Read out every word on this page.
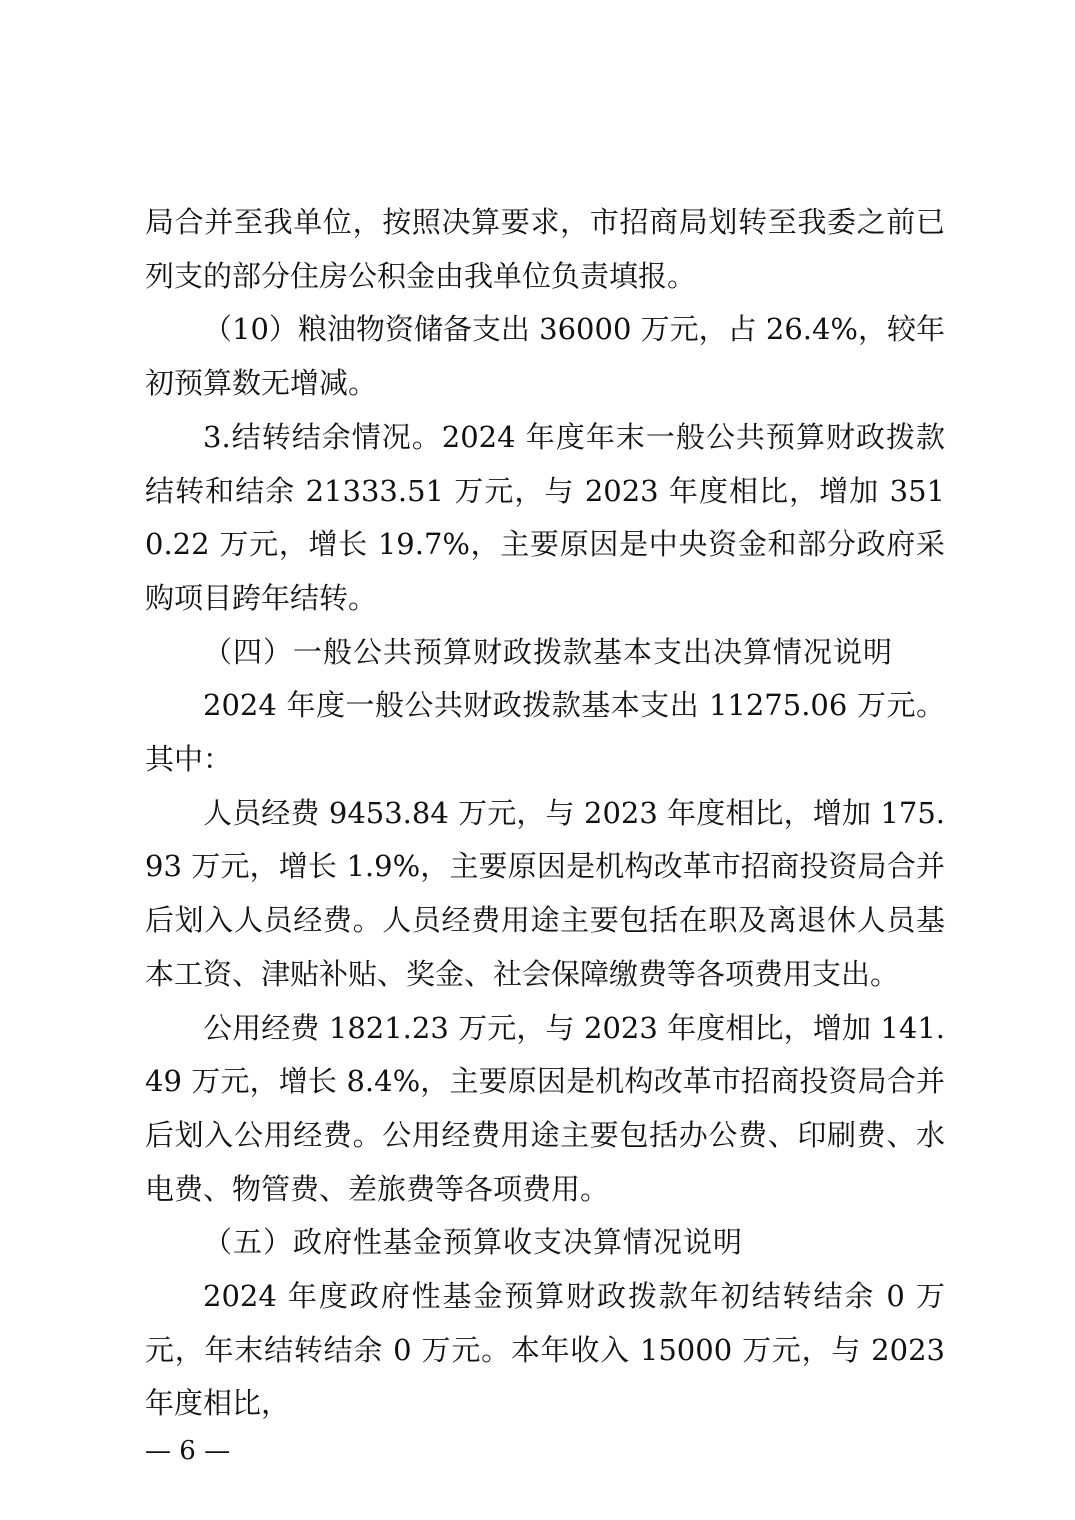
局合并至我单位，按照决算要求，市招商局划转至我委之前已列支的部分住房公积金由我单位负责填报。

（10）粮油物资储备支出 36000 万元，占 26.4%，较年初预算数无增减。

3.结转结余情况。2024 年度年末一般公共预算财政拨款结转和结余 21333.51 万元，与 2023 年度相比，增加 3510.22 万元，增长 19.7%，主要原因是中央资金和部分政府采购项目跨年结转。

（四）一般公共预算财政拨款基本支出决算情况说明

2024 年度一般公共财政拨款基本支出 11275.06 万元。其中：

人员经费 9453.84 万元，与 2023 年度相比，增加 175.93 万元，增长 1.9%，主要原因是机构改革市招商投资局合并后划入人员经费。人员经费用途主要包括在职及离退休人员基本工资、津贴补贴、奖金、社会保障缴费等各项费用支出。

公用经费 1821.23 万元，与 2023 年度相比，增加 141.49 万元，增长 8.4%，主要原因是机构改革市招商投资局合并后划入公用经费。公用经费用途主要包括办公费、印刷费、水电费、物管费、差旅费等各项费用。

（五）政府性基金预算收支决算情况说明

2024 年度政府性基金预算财政拨款年初结转结余 0 万元，年末结转结余 0 万元。本年收入 15000 万元，与 2023 年度相比，

— 6 —
